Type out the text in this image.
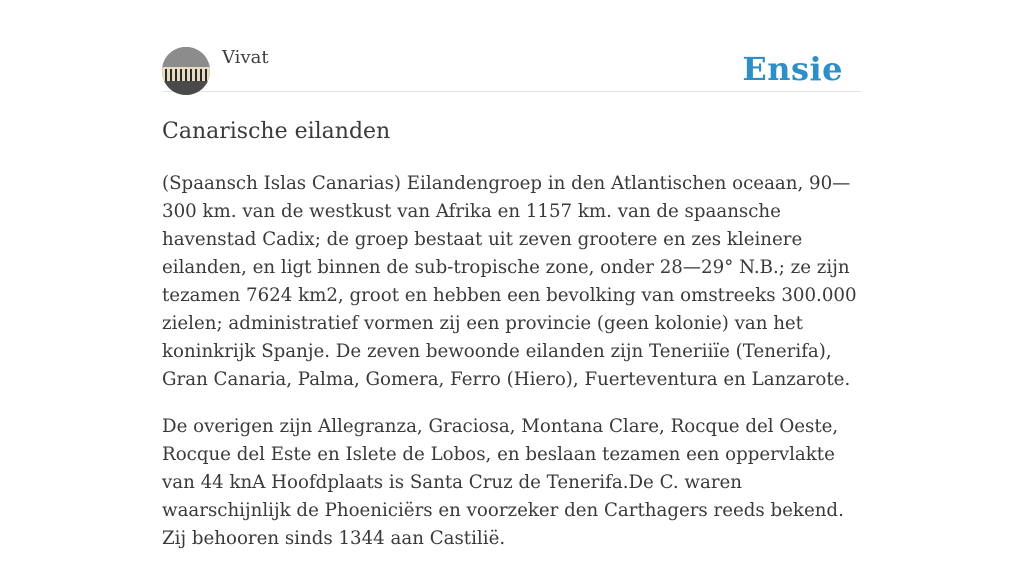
Vivat	Ensie
Canarische eilanden

(Spaansch Islas Canarias) Eilandengroep in den Atlantischen oceaan, 90—300 km. van de westkust van Afrika en 1157 km. van de spaansche havenstad Cadix; de groep bestaat uit zeven grootere en zes kleinere eilanden, en ligt binnen de sub-tropische zone, onder 28—29° N.B.; ze zijn tezamen 7624 km2, groot en hebben een bevolking van omstreeks 300.000 zielen; administratief vormen zij een provincie (geen kolonie) van het koninkrijk Spanje. De zeven bewoonde eilanden zijn Teneriiïe (Tenerifa), Gran Canaria, Palma, Gomera, Ferro (Hiero), Fuerteventura en Lanzarote.

De overigen zijn Allegranza, Graciosa, Montana Clare, Rocque del Oeste, Rocque del Este en Islete de Lobos, en beslaan tezamen een oppervlakte van 44 knA Hoofdplaats is Santa Cruz de Tenerifa.De C. waren waarschijnlijk de Phoeniciërs en voorzeker den Carthagers reeds bekend. Zij behooren sinds 1344 aan Castilië.
